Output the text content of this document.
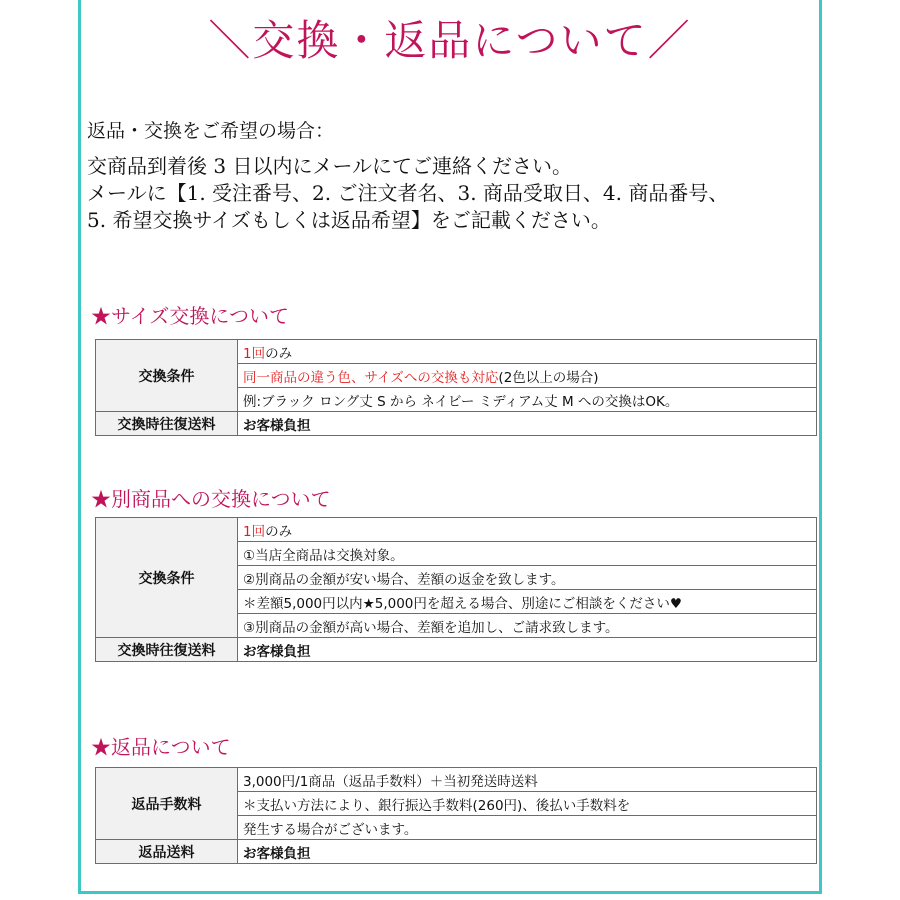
＼交換・返品について／
返品・交換をご希望の場合：
交商品到着後 3 日以内にメールにてご連絡ください。
メールに【1. 受注番号、2. ご注文者名、3. 商品受取日、4. 商品番号、
5. 希望交換サイズもしくは返品希望】をご記載ください。
★サイズ交換について
交換条件	1回のみ
	同一商品の違う色、サイズへの交換も対応(2色以上の場合)
	例:ブラック ロング丈 S から ネイビー ミディアム丈 M への交換はOK。
交換時往復送料	お客様負担
★別商品への交換について
交換条件	1回のみ
	①当店全商品は交換対象。
	②別商品の金額が安い場合、差額の返金を致します。
	＊差額5,000円以内★5,000円を超える場合、別途にご相談をください♥
	③別商品の金額が高い場合、差額を追加し、ご請求致します。
交換時往復送料	お客様負担
★返品について
返品手数料	3,000円/1商品（返品手数料）＋当初発送時送料
	＊支払い方法により、銀行振込手数料(260円)、後払い手数料を
	発生する場合がございます。
返品送料	お客様負担
